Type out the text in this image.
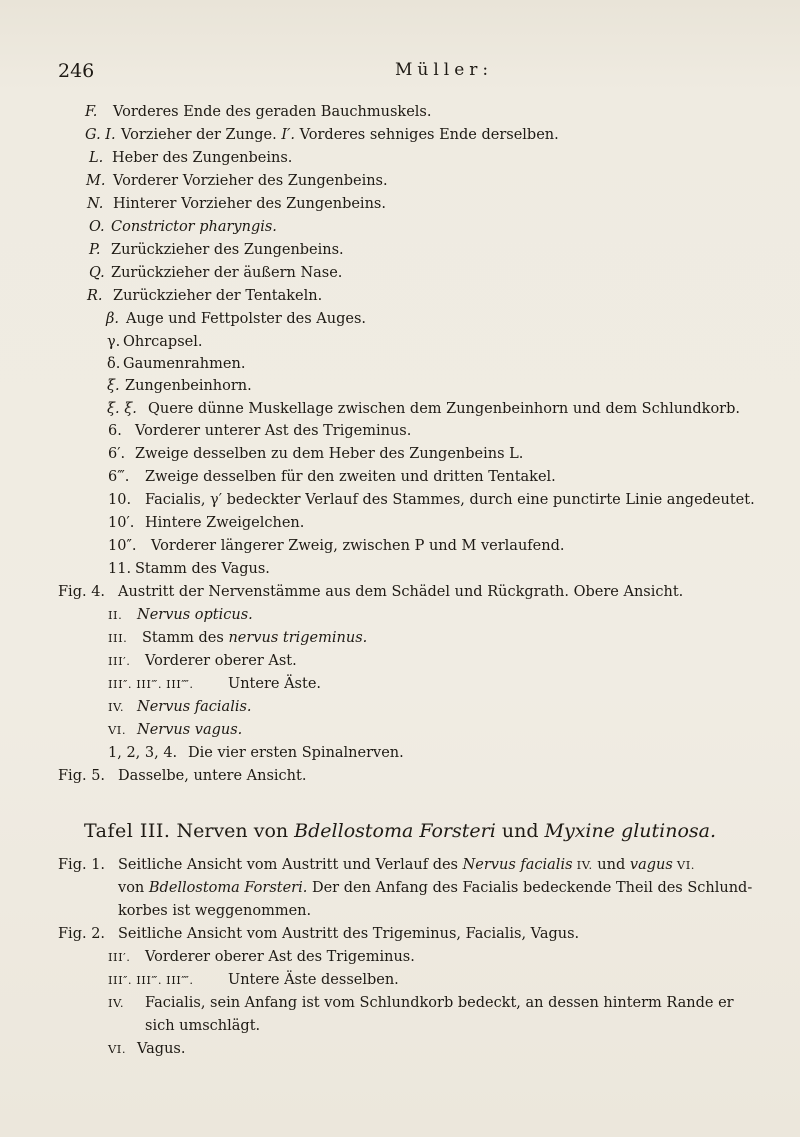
246	Müller:
F. Vorderes Ende des geraden Bauchmuskels.
G. I. Vorzieher der Zunge. I′. Vorderes sehniges Ende derselben.
L. Heber des Zungenbeins.
M. Vorderer Vorzieher des Zungenbeins.
N. Hinterer Vorzieher des Zungenbeins.
O. Constrictor pharyngis.
P. Zurückzieher des Zungenbeins.
Q. Zurückzieher der äußern Nase.
R. Zurückzieher der Tentakeln.
β. Auge und Fettpolster des Auges.
γ. Ohrcapsel.
δ. Gaumenrahmen.
ξ. Zungenbeinhorn.
ξ. ξ. Quere dünne Muskellage zwischen dem Zungenbeinhorn und dem Schlundkorb.
6. Vorderer unterer Ast des Trigeminus.
6′. Zweige desselben zu dem Heber des Zungenbeins L.
6‴. Zweige desselben für den zweiten und dritten Tentakel.
10. Facialis, γ′ bedeckter Verlauf des Stammes, durch eine punctirte Linie angedeutet.
10′. Hintere Zweigelchen.
10″. Vorderer längerer Zweig, zwischen P und M verlaufend.
11. Stamm des Vagus.
Fig. 4. Austritt der Nervenstämme aus dem Schädel und Rückgrath. Obere Ansicht.
II. Nervus opticus.
III. Stamm des nervus trigeminus.
III′. Vorderer oberer Ast.
III″. III‴. III⁗. Untere Äste.
IV. Nervus facialis.
VI. Nervus vagus.
1, 2, 3, 4. Die vier ersten Spinalnerven.
Fig. 5. Dasselbe, untere Ansicht.
Tafel III. Nerven von Bdellostoma Forsteri und Myxine glutinosa.
Fig. 1. Seitliche Ansicht vom Austritt und Verlauf des Nervus facialis IV. und vagus VI.
von Bdellostoma Forsteri. Der den Anfang des Facialis bedeckende Theil des Schlund-
korbes ist weggenommen.
Fig. 2. Seitliche Ansicht vom Austritt des Trigeminus, Facialis, Vagus.
III′. Vorderer oberer Ast des Trigeminus.
III″. III‴. III⁗. Untere Äste desselben.
IV. Facialis, sein Anfang ist vom Schlundkorb bedeckt, an dessen hinterm Rande er
sich umschlägt.
VI. Vagus.
